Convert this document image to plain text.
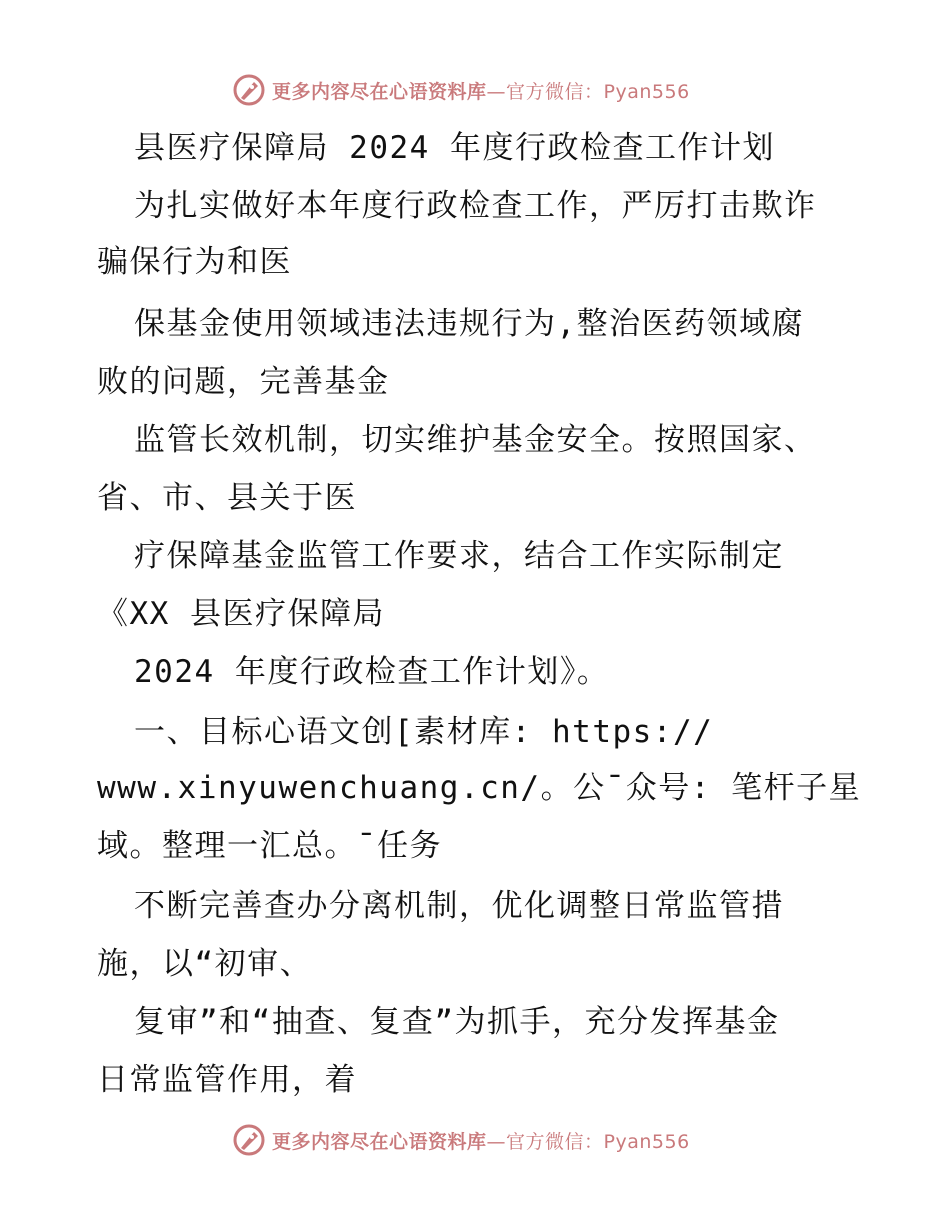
更多内容尽在心语资料库—官方微信：Pyan556
县医疗保障局 2024 年度行政检查工作计划
为扎实做好本年度行政检查工作，严厉打击欺诈
骗保行为和医
保基金使用领域违法违规行为,整治医药领域腐
败的问题，完善基金
监管长效机制，切实维护基金安全。按照国家、
省、市、县关于医
疗保障基金监管工作要求，结合工作实际制定
《XX 县医疗保障局
2024 年度行政检查工作计划》。
一、目标心语文创[素材库: https://
www.xinyuwenchuang.cn/。公¯众号: 笔杆子星
域。整理一汇总。¯任务
不断完善查办分离机制，优化调整日常监管措
施，以“初审、
复审”和“抽查、复查”为抓手，充分发挥基金
日常监管作用，着
更多内容尽在心语资料库—官方微信：Pyan556
